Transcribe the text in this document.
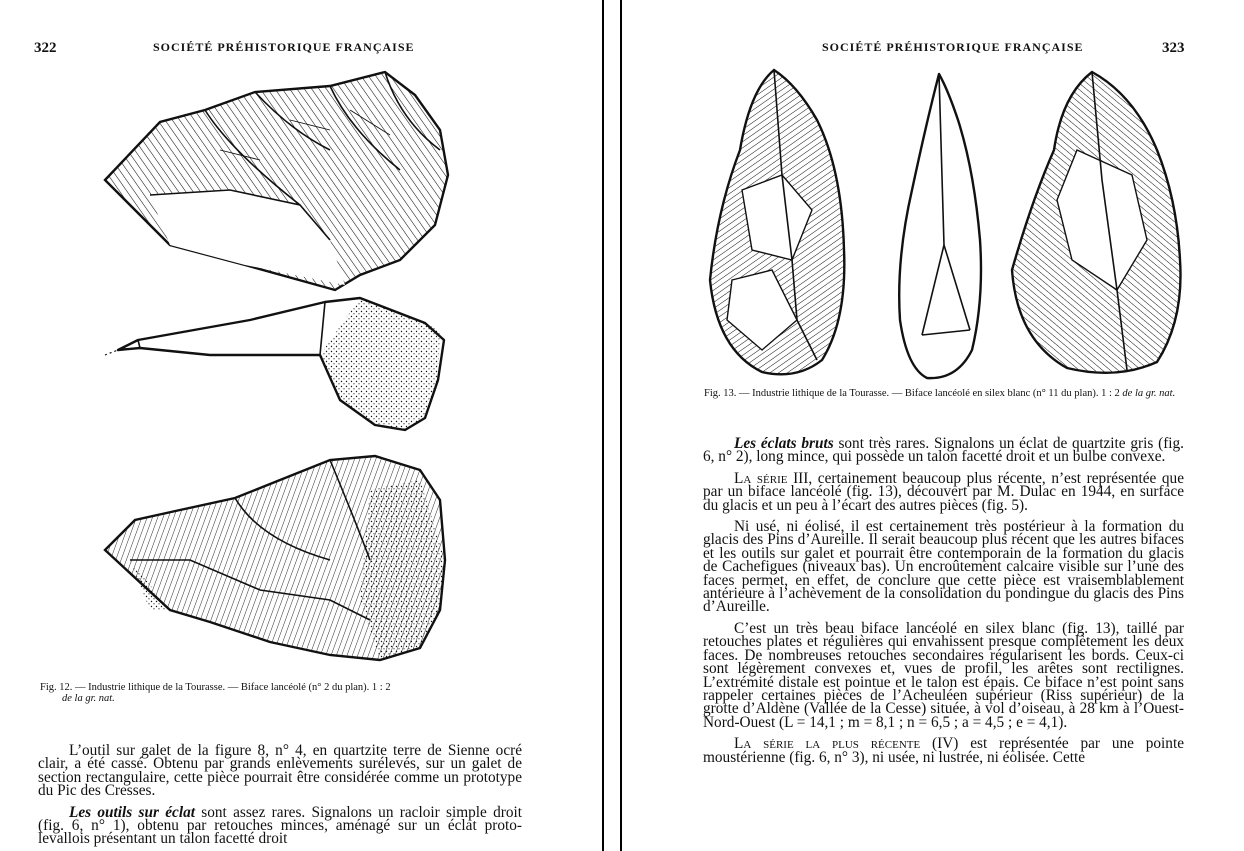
322	SOCIÉTÉ PRÉHISTORIQUE FRANÇAISE
Fig. 12. — Industrie lithique de la Tourasse. — Biface lancéolé (n° 2 du plan). 1 : 2
de la gr. nat.

L’outil sur galet de la figure 8, n° 4, en quartzite terre de Sienne ocré clair, a été cassé. Obtenu par grands enlèvements surélevés, sur un galet de section rectangulaire, cette pièce pourrait être considérée comme un prototype du Pic des Cresses.

Les outils sur éclat sont assez rares. Signalons un racloir simple droit (fig. 6, n° 1), obtenu par retouches minces, aménagé sur un éclat proto-levallois présentant un talon facetté droit

SOCIÉTÉ PRÉHISTORIQUE FRANÇAISE	323
Fig. 13. — Industrie lithique de la Tourasse. — Biface lancéolé en silex blanc (n° 11 du plan). 1 : 2 de la gr. nat.

Les éclats bruts sont très rares. Signalons un éclat de quartzite gris (fig. 6, n° 2), long mince, qui possède un talon facetté droit et un bulbe convexe.

La série III, certainement beaucoup plus récente, n’est représentée que par un biface lancéolé (fig. 13), découvert par M. Dulac en 1944, en surface du glacis et un peu à l’écart des autres pièces (fig. 5).

Ni usé, ni éolisé, il est certainement très postérieur à la formation du glacis des Pins d’Aureille. Il serait beaucoup plus récent que les autres bifaces et les outils sur galet et pourrait être contemporain de la formation du glacis de Cachefigues (niveaux bas). Un encroûtement calcaire visible sur l’une des faces permet, en effet, de conclure que cette pièce est vraisemblablement antérieure à l’achèvement de la consolidation du pondingue du glacis des Pins d’Aureille.

C’est un très beau biface lancéolé en silex blanc (fig. 13), taillé par retouches plates et régulières qui envahissent presque complètement les deux faces. De nombreuses retouches secondaires régularisent les bords. Ceux-ci sont légèrement convexes et, vues de profil, les arêtes sont rectilignes. L’extrémité distale est pointue et le talon est épais. Ce biface n’est point sans rappeler certaines pièces de l’Acheuléen supérieur (Riss supérieur) de la grotte d’Aldène (Vallée de la Cesse) située, à vol d’oiseau, à 28 km à l’Ouest-Nord-Ouest (L = 14,1 ; m = 8,1 ; n = 6,5 ; a = 4,5 ; e = 4,1).

La série la plus récente (IV) est représentée par une pointe moustérienne (fig. 6, n° 3), ni usée, ni lustrée, ni éolisée. Cette
